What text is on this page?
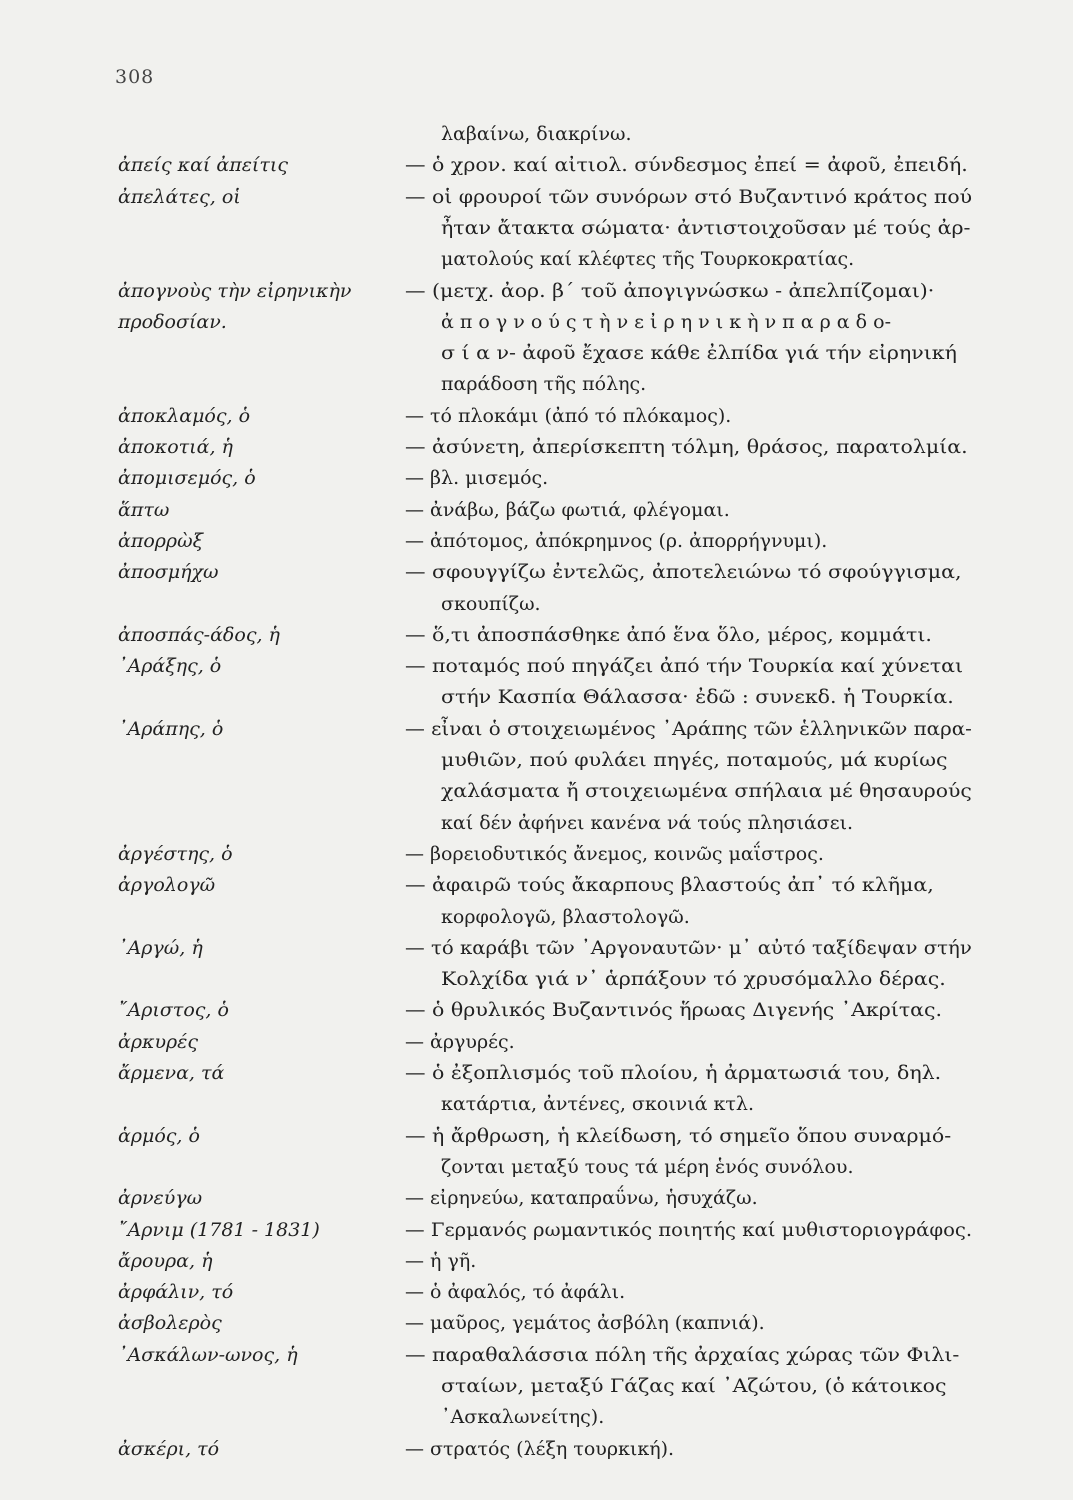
308
λαβαίνω, διακρίνω.
ἀπείς καί ἀπείτις	— ὁ χρον. καί αἰτιολ. σύνδεσμος ἐπεί = ἀφοῦ, ἐπειδή.
ἀπελάτες, οἱ	— οἱ φρουροί τῶν συνόρων στό Βυζαντινό κράτος πού
ἦταν ἄτακτα σώματα· ἀντιστοιχοῦσαν μέ τούς ἀρ-
ματολούς καί κλέφτες τῆς Τουρκοκρατίας.
ἀπογνοὺς τὴν εἰρηνικὴν	— (μετχ. ἀορ. β΄ τοῦ ἀπογιγνώσκω - ἀπελπίζομαι)·
προδοσίαν.	ἀ π ο γ ν ο ύ ς τ ὴ ν ε ἰ ρ η ν ι κ ὴ ν π α ρ α δ ο-
σ ί α ν- ἀφοῦ ἔχασε κάθε ἐλπίδα γιά τήν εἰρηνική
παράδοση τῆς πόλης.
ἀποκλαμός, ὁ	— τό πλοκάμι (ἀπό τό πλόκαμος).
ἀποκοτιά, ἡ	— ἀσύνετη, ἀπερίσκεπτη τόλμη, θράσος, παρατολμία.
ἀπομισεμός, ὁ	— βλ. μισεμός.
ἅπτω	— ἀνάβω, βάζω φωτιά, φλέγομαι.
ἀπορρὼξ	— ἀπότομος, ἀπόκρημνος (ρ. ἀπορρήγνυμι).
ἀποσμήχω	— σφουγγίζω ἐντελῶς, ἀποτελειώνω τό σφούγγισμα,
σκουπίζω.
ἀποσπάς-άδος, ἡ	— ὅ,τι ἀποσπάσθηκε ἀπό ἕνα ὅλο, μέρος, κομμάτι.
᾽Αράξης, ὁ	— ποταμός πού πηγάζει ἀπό τήν Τουρκία καί χύνεται
στήν Κασπία Θάλασσα· ἐδῶ : συνεκδ. ἡ Τουρκία.
᾽Αράπης, ὁ	— εἶναι ὁ στοιχειωμένος ᾽Αράπης τῶν ἑλληνικῶν παρα-
μυθιῶν, πού φυλάει πηγές, ποταμούς, μά κυρίως
χαλάσματα ἤ στοιχειωμένα σπήλαια μέ θησαυρούς
καί δέν ἀφήνει κανένα νά τούς πλησιάσει.
ἀργέστης, ὁ	— βορειοδυτικός ἄνεμος, κοινῶς μαΐστρος.
ἀργολογῶ	— ἀφαιρῶ τούς ἄκαρπους βλαστούς ἀπ᾽ τό κλῆμα,
κορφολογῶ, βλαστολογῶ.
᾽Αργώ, ἡ	— τό καράβι τῶν ᾽Αργοναυτῶν· μ᾽ αὐτό ταξίδεψαν στήν
Κολχίδα γιά ν᾽ ἁρπάξουν τό χρυσόμαλλο δέρας.
῎Αριστος, ὁ	— ὁ θρυλικός Βυζαντινός ἥρωας Διγενής ᾽Ακρίτας.
ἀρκυρές	— ἀργυρές.
ἄρμενα, τά	— ὁ ἐξοπλισμός τοῦ πλοίου, ἡ ἀρματωσιά του, δηλ.
κατάρτια, ἀντένες, σκοινιά κτλ.
ἁρμός, ὁ	— ἡ ἄρθρωση, ἡ κλείδωση, τό σημεῖο ὅπου συναρμό-
ζονται μεταξύ τους τά μέρη ἑνός συνόλου.
ἀρνεύγω	— εἰρηνεύω, καταπραΰνω, ἡσυχάζω.
῎Αρνιμ (1781 - 1831)	— Γερμανός ρωμαντικός ποιητής καί μυθιστοριογράφος.
ἄρουρα, ἡ	— ἡ γῆ.
ἀρφάλιν, τό	— ὁ ἀφαλός, τό ἀφάλι.
ἀσβολερὸς	— μαῦρος, γεμάτος ἀσβόλη (καπνιά).
᾽Ασκάλων-ωνος, ἡ	— παραθαλάσσια πόλη τῆς ἀρχαίας χώρας τῶν Φιλι-
σταίων, μεταξύ Γάζας καί ᾽Αζώτου, (ὁ κάτοικος
᾽Ασκαλωνείτης).
ἀσκέρι, τό	— στρατός (λέξη τουρκική).
